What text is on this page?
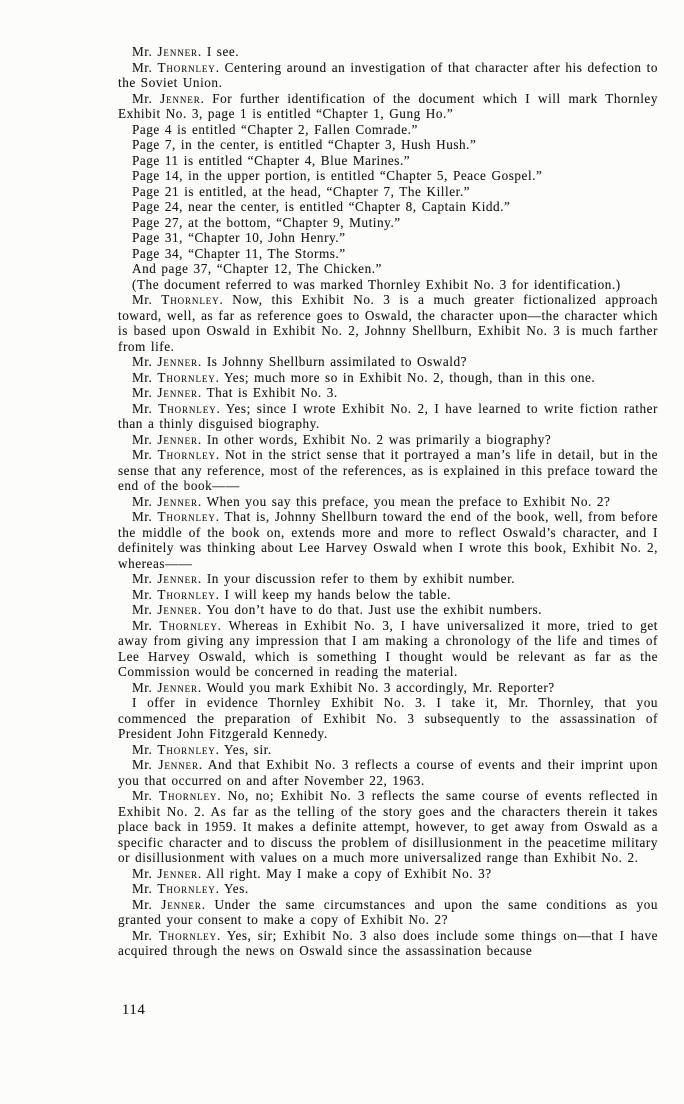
Mr. Jenner. I see.

Mr. Thornley. Centering around an investigation of that character after his defection to the Soviet Union.

Mr. Jenner. For further identification of the document which I will mark Thornley Exhibit No. 3, page 1 is entitled “Chapter 1, Gung Ho.”

Page 4 is entitled “Chapter 2, Fallen Comrade.”

Page 7, in the center, is entitled “Chapter 3, Hush Hush.”

Page 11 is entitled “Chapter 4, Blue Marines.”

Page 14, in the upper portion, is entitled “Chapter 5, Peace Gospel.”

Page 21 is entitled, at the head, “Chapter 7, The Killer.”

Page 24, near the center, is entitled “Chapter 8, Captain Kidd.”

Page 27, at the bottom, “Chapter 9, Mutiny.”

Page 31, “Chapter 10, John Henry.”

Page 34, “Chapter 11, The Storms.”

And page 37, “Chapter 12, The Chicken.”

(The document referred to was marked Thornley Exhibit No. 3 for identification.)

Mr. Thornley. Now, this Exhibit No. 3 is a much greater fictionalized approach toward, well, as far as reference goes to Oswald, the character upon—the character which is based upon Oswald in Exhibit No. 2, Johnny Shellburn, Exhibit No. 3 is much farther from life.

Mr. Jenner. Is Johnny Shellburn assimilated to Oswald?

Mr. Thornley. Yes; much more so in Exhibit No. 2, though, than in this one.

Mr. Jenner. That is Exhibit No. 3.

Mr. Thornley. Yes; since I wrote Exhibit No. 2, I have learned to write fiction rather than a thinly disguised biography.

Mr. Jenner. In other words, Exhibit No. 2 was primarily a biography?

Mr. Thornley. Not in the strict sense that it portrayed a man’s life in detail, but in the sense that any reference, most of the references, as is explained in this preface toward the end of the book——

Mr. Jenner. When you say this preface, you mean the preface to Exhibit No. 2?

Mr. Thornley. That is, Johnny Shellburn toward the end of the book, well, from before the middle of the book on, extends more and more to reflect Oswald’s character, and I definitely was thinking about Lee Harvey Oswald when I wrote this book, Exhibit No. 2, whereas——

Mr. Jenner. In your discussion refer to them by exhibit number.

Mr. Thornley. I will keep my hands below the table.

Mr. Jenner. You don’t have to do that. Just use the exhibit numbers.

Mr. Thornley. Whereas in Exhibit No. 3, I have universalized it more, tried to get away from giving any impression that I am making a chronology of the life and times of Lee Harvey Oswald, which is something I thought would be relevant as far as the Commission would be concerned in reading the material.

Mr. Jenner. Would you mark Exhibit No. 3 accordingly, Mr. Reporter?

I offer in evidence Thornley Exhibit No. 3. I take it, Mr. Thornley, that you commenced the preparation of Exhibit No. 3 subsequently to the assassination of President John Fitzgerald Kennedy.

Mr. Thornley. Yes, sir.

Mr. Jenner. And that Exhibit No. 3 reflects a course of events and their imprint upon you that occurred on and after November 22, 1963.

Mr. Thornley. No, no; Exhibit No. 3 reflects the same course of events reflected in Exhibit No. 2. As far as the telling of the story goes and the characters therein it takes place back in 1959. It makes a definite attempt, however, to get away from Oswald as a specific character and to discuss the problem of disillusionment in the peacetime military or disillusionment with values on a much more universalized range than Exhibit No. 2.

Mr. Jenner. All right. May I make a copy of Exhibit No. 3?

Mr. Thornley. Yes.

Mr. Jenner. Under the same circumstances and upon the same conditions as you granted your consent to make a copy of Exhibit No. 2?

Mr. Thornley. Yes, sir; Exhibit No. 3 also does include some things on—that I have acquired through the news on Oswald since the assassination because

114
